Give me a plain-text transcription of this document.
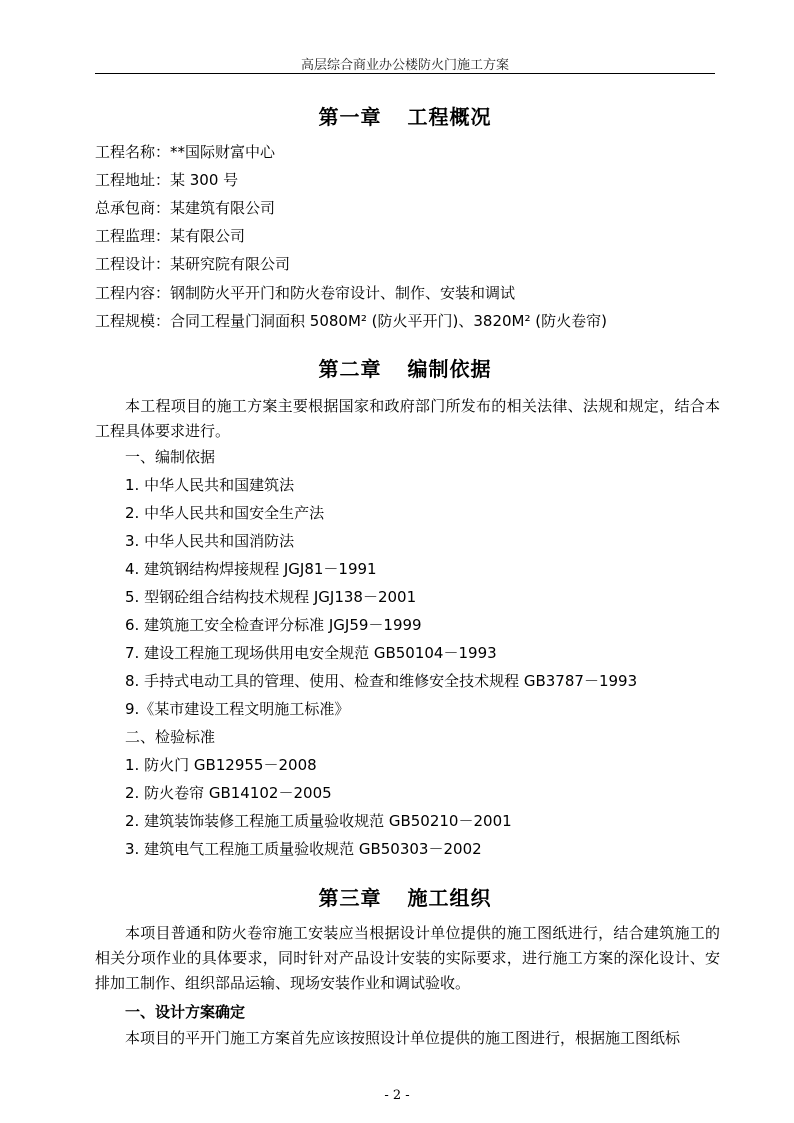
高层综合商业办公楼防火门施工方案
第一章 工程概况
工程名称：**国际财富中心
工程地址：某 300 号
总承包商：某建筑有限公司
工程监理：某有限公司
工程设计：某研究院有限公司
工程内容：钢制防火平开门和防火卷帘设计、制作、安装和调试
工程规模：合同工程量门洞面积 5080M² (防火平开门)、3820M² (防火卷帘)
第二章 编制依据
本工程项目的施工方案主要根据国家和政府部门所发布的相关法律、法规和规定，结合本工程具体要求进行。
一、编制依据
1. 中华人民共和国建筑法
2. 中华人民共和国安全生产法
3. 中华人民共和国消防法
4. 建筑钢结构焊接规程 JGJ81－1991
5. 型钢砼组合结构技术规程 JGJ138－2001
6. 建筑施工安全检查评分标准 JGJ59－1999
7. 建设工程施工现场供用电安全规范 GB50104－1993
8. 手持式电动工具的管理、使用、检查和维修安全技术规程 GB3787－1993
9.《某市建设工程文明施工标准》
二、检验标准
1. 防火门 GB12955－2008
2. 防火卷帘 GB14102－2005
2. 建筑装饰装修工程施工质量验收规范 GB50210－2001
3. 建筑电气工程施工质量验收规范 GB50303－2002
第三章 施工组织
本项目普通和防火卷帘施工安装应当根据设计单位提供的施工图纸进行，结合建筑施工的相关分项作业的具体要求，同时针对产品设计安装的实际要求，进行施工方案的深化设计、安排加工制作、组织部品运输、现场安装作业和调试验收。
一、设计方案确定
本项目的平开门施工方案首先应该按照设计单位提供的施工图进行，根据施工图纸标
- 2 -
